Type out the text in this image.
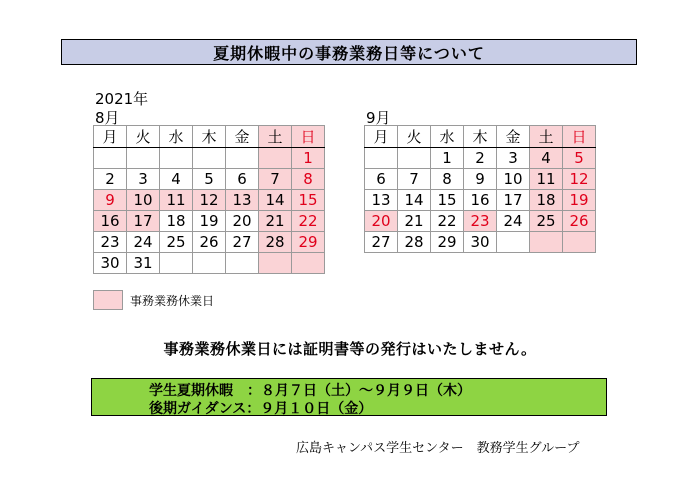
夏期休暇中の事務業務日等について
2021年
8月	9月
月	火	水	木	金	土	日
						1
2	3	4	5	6	7	8
9	10	11	12	13	14	15
16	17	18	19	20	21	22
23	24	25	26	27	28	29
30	31					
月	火	水	木	金	土	日
		1	2	3	4	5
6	7	8	9	10	11	12
13	14	15	16	17	18	19
20	21	22	23	24	25	26
27	28	29	30			
事務業務休業日
事務業務休業日には証明書等の発行はいたしません。
学生夏期休暇　：８月７日（土）～９月９日（木）
後期ガイダンス：９月１０日（金）
広島キャンパス学生センター　教務学生グループ
